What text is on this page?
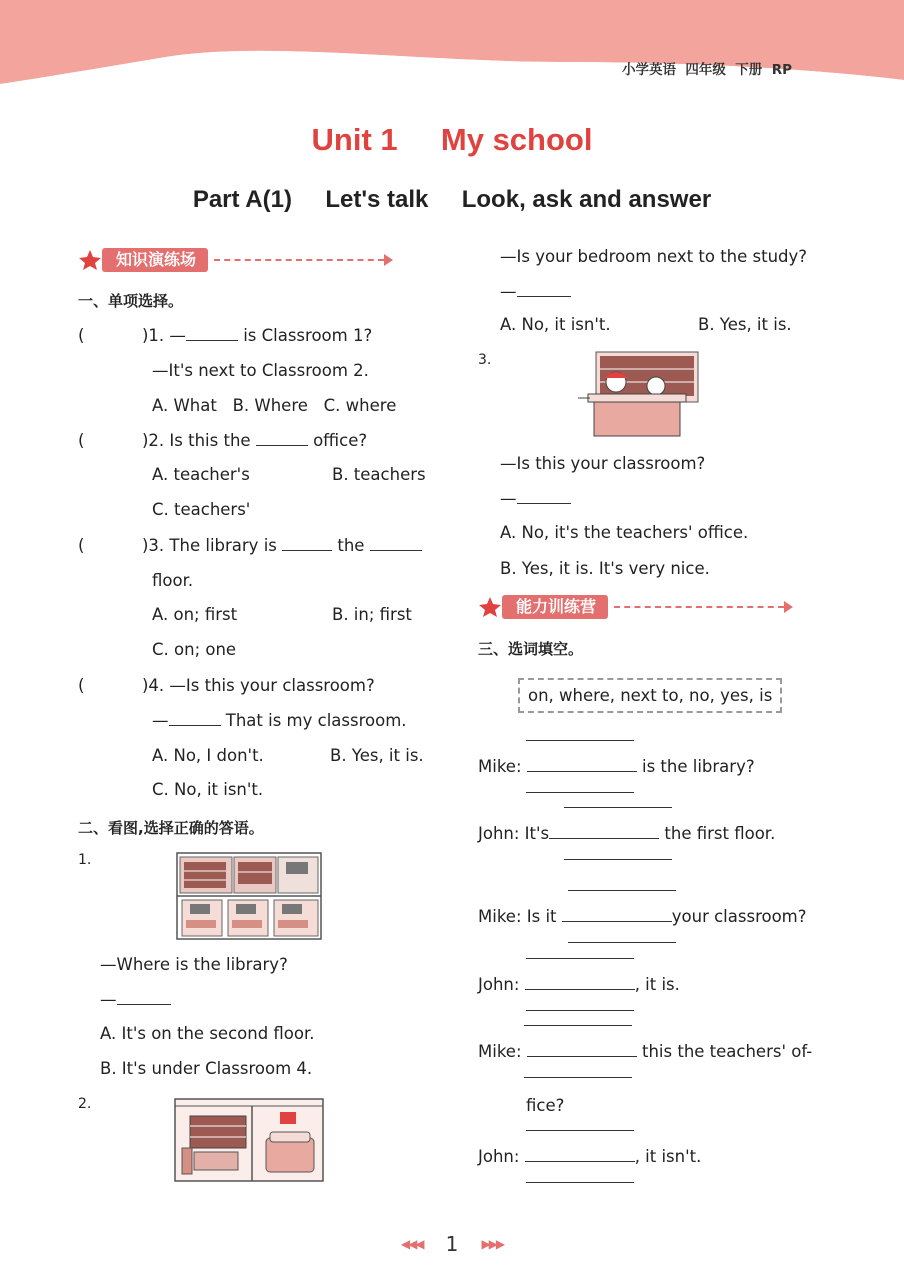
小学英语  四年级  下册  RP
Unit 1 My school
Part A(1) Let's talk Look, ask and answer
知识演练场
一、单项选择。
(	)1. —	is Classroom 1?
—It's next to Classroom 2.
A. What B. Where C. where
(	)2. Is this the	office?
A. teacher's	B. teachers
C. teachers'
(	)3. The library is	the
floor.
A. on; first	B. in; first
C. on; one
(	)4. —Is this your classroom?
—	That is my classroom.
A. No, I don't.	B. Yes, it is.
C. No, it isn't.
二、看图,选择正确的答语。
1.
—Where is the library?
—
A. It's on the second floor.
B. It's under Classroom 4.
2.
—Is your bedroom next to the study?
—
A. No, it isn't.	B. Yes, it is.
3.
—Is this your classroom?
—
A. No, it's the teachers' office.
B. Yes, it is. It's very nice.
能力训练营
三、选词填空。
on, where, next to, no, yes, is
Mike:	is the library?
John: It's	the first floor.
Mike: Is it	your classroom?
John:	, it is.
Mike:	this the teachers' of-
fice?
John:	, it isn't.
◀◀◀ 1 ▶▶▶
